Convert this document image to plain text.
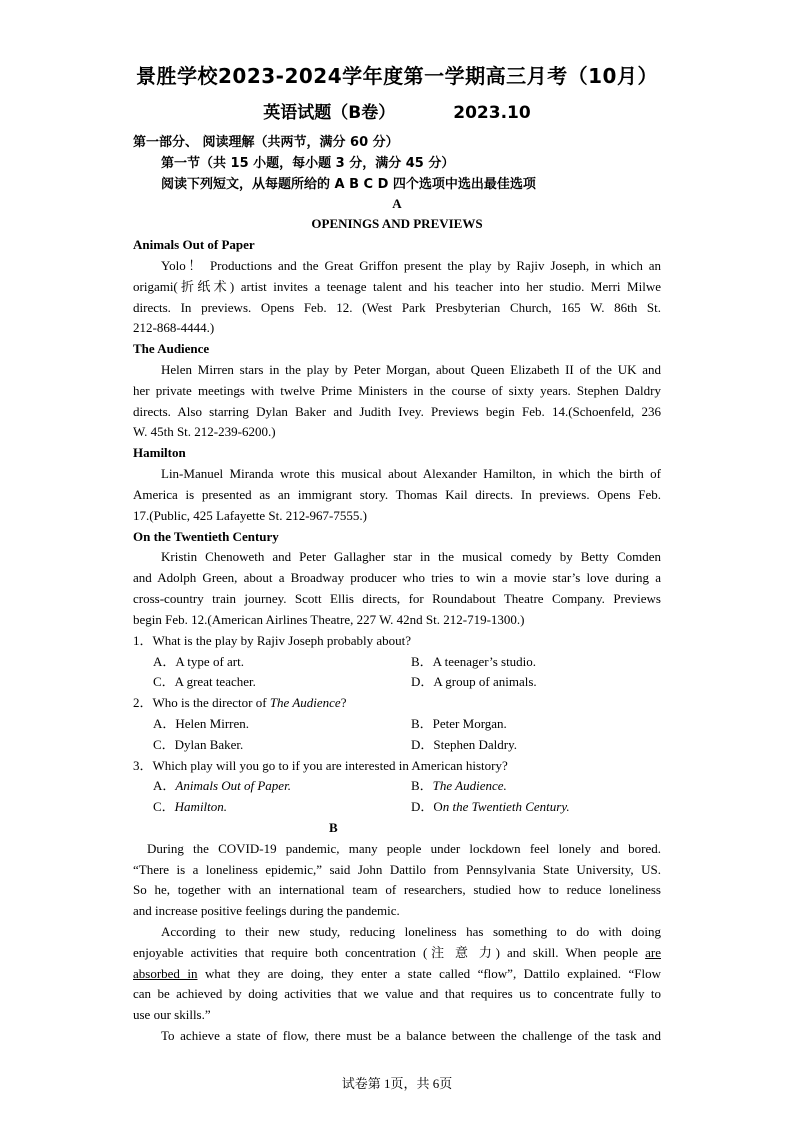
景胜学校2023-2024学年度第一学期高三月考（10月）
英语试题（B卷）	2023.10
第一部分、 阅读理解（共两节，满分 60 分）
第一节（共 15 小题，每小题 3 分，满分 45 分）
阅读下列短文，从每题所给的 A B C D 四个选项中选出最佳选项
A
OPENINGS AND PREVIEWS
Animals Out of Paper
Yolo！ Productions and the Great Griffon present the play by Rajiv Joseph, in which an
origami(折纸术) artist invites a teenage talent and his teacher into her studio. Merri Milwe
directs. In previews. Opens Feb. 12. (West Park Presbyterian Church, 165 W. 86th St.
212-868-4444.)
The Audience
Helen Mirren stars in the play by Peter Morgan, about Queen Elizabeth II of the UK and
her private meetings with twelve Prime Ministers in the course of sixty years. Stephen Daldry
directs. Also starring Dylan Baker and Judith Ivey. Previews begin Feb. 14.(Schoenfeld, 236
W. 45th St. 212-239-6200.)
Hamilton
Lin-Manuel Miranda wrote this musical about Alexander Hamilton, in which the birth of
America is presented as an immigrant story. Thomas Kail directs. In previews. Opens Feb.
17.(Public, 425 Lafayette St. 212-967-7555.)
On the Twentieth Century
Kristin Chenoweth and Peter Gallagher star in the musical comedy by Betty Comden
and Adolph Green, about a Broadway producer who tries to win a movie star’s love during a
cross-country train journey. Scott Ellis directs, for Roundabout Theatre Company. Previews
begin Feb. 12.(American Airlines Theatre, 227 W. 42nd St. 212-719-1300.)
1．What is the play by Rajiv Joseph probably about?
A．A type of art.	B．A teenager’s studio.
C．A great teacher.	D．A group of animals.
2．Who is the director of The Audience?
A．Helen Mirren.	B．Peter Morgan.
C．Dylan Baker.	D．Stephen Daldry.
3．Which play will you go to if you are interested in American history?
A．Animals Out of Paper.	B．The Audience.
C．Hamilton.	D．On the Twentieth Century.
B
During the COVID-19 pandemic, many people under lockdown feel lonely and bored.
“There is a loneliness epidemic,” said John Dattilo from Pennsylvania State University, US.
So he, together with an international team of researchers, studied how to reduce loneliness
and increase positive feelings during the pandemic.
According to their new study, reducing loneliness has something to do with doing
enjoyable activities that require both concentration (注 意 力) and skill. When people are
absorbed in what they are doing, they enter a state called “flow”, Dattilo explained. “Flow
can be achieved by doing activities that we value and that requires us to concentrate fully to
use our skills.”
To achieve a state of flow, there must be a balance between the challenge of the task and
试卷第 1页，共 6页
